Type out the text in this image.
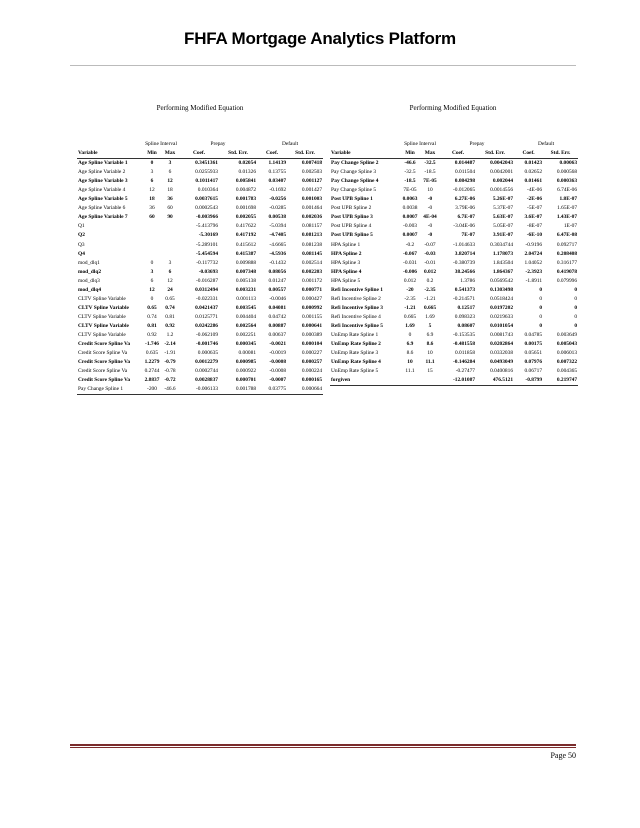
FHFA Mortgage Analytics Platform
Performing Modified Equation	Performing Modified Equation
	Spline Interval		Prepay		Default	
Variable	Min	Max	Coef.	Std. Err.	Coef.	Std. Err.
Age Spline Variable 1	0	3	0.3451361	0.02054	1.14139	0.007418
Age Spline Variable 2	3	6	0.0255933	0.01326	0.13755	0.002503
Age Spline Variable 3	6	12	0.1011417	0.005841	0.03407	0.001127
Age Spline Variable 4	12	18	0.010364	0.004872	-0.1692	0.001427
Age Spline Variable 5	18	36	0.0037615	0.001783	-0.0256	0.001003
Age Spline Variable 6	36	60	0.0002543	0.001698	-0.0285	0.001464
Age Spline Variable 7	60	90	-0.003966	0.002055	0.00538	0.002036
Q1			-5.413796	0.417622	-5.0394	0.081157
Q2			-5.30169	0.417192	-4.7405	0.081213
Q3			-5.289101	0.415612	-4.6665	0.081238
Q4			-5.454594	0.415387	-4.5936	0.081145
mod_dlq1	0	3	-0.117732	0.009888	-0.1432	0.002514
mod_dlq2	3	6	-0.03693	0.007348	0.08056	0.002203
mod_dlq3	6	12	-0.016287	0.005138	0.01247	0.001172
mod_dlq4	12	24	0.0312494	0.003231	0.00557	0.000771
CLTV Spline Variable	0	0.65	-0.022331	0.001113	-0.0046	0.000427
CLTV Spline Variable	0.65	0.74	0.0421437	0.003545	0.04081	0.000992
CLTV Spline Variable	0.74	0.81	0.0125771	0.004404	0.04742	0.001155
CLTV Spline Variable	0.81	0.92	0.0242286	0.002564	0.00887	0.000641
CLTV Spline Variable	0.92	1.2	-0.062109	0.002251	0.00637	0.000389
Credit Score Spline Va	-1.746	-2.14	-0.001746	0.000345	-0.0021	0.000104
Credit Score Spline Va	0.635	-1.91	0.000635	0.00081	-0.0019	0.000227
Credit Score Spline Va	1.2279	-0.79	0.0012279	0.000985	-0.0008	0.000257
Credit Score Spline Va	0.2744	-0.78	0.0002744	0.000922	-0.0008	0.000224
Credit Score Spline Va	2.8837	-0.72	0.0028837	0.000701	-0.0007	0.000165
Pay Change Spline 1	-200	-46.6	-0.006133	0.001788	0.03775	0.000664
	Spline Interval		Prepay		Default	
Variable	Min	Max	Coef.	Std. Err.	Coef.	Std. Err.
Pay Change Spline 2	-46.6	-32.5	0.014487	0.0042043	0.01423	0.00063
Pay Change Spline 3	-32.5	-18.5	0.011504	0.0042001	0.02652	0.000568
Pay Change Spline 4	-18.5	7E-05	0.084298	0.002044	0.01461	0.000363
Pay Change Spline 5	7E-05	10	-0.012065	0.0014556	-4E-06	6.74E-06
Post UPB Spline 1	0.0063	-0	6.27E-06	5.26E-07	-2E-06	1.8E-07
Post UPB Spline 2	0.0038	-0	3.79E-06	5.37E-07	-5E-07	1.65E-07
Post UPB Spline 3	0.0007	4E-04	6.7E-07	5.63E-07	3.6E-07	1.43E-07
Post UPB Spline 4	-0.003	-0	-3.04E-06	5.05E-07	-8E-07	1E-07
Post UPB Spline 5	0.0007	-0	7E-07	3.91E-07	-6E-10	6.47E-08
HPA Spline 1	-0.2	-0.07	-1.014633	0.3034744	-0.9196	0.092717
HPA Spline 2	-0.067	-0.03	3.820714	1.178073	2.04724	0.208408
HPA Spline 3	-0.031	-0.01	-0.380739	1.843504	1.04052	0.316177
HPA Spline 4	-0.006	0.012	38.24566	1.864367	-2.3923	0.419078
HPA Spline 5	0.012	0.2	1.3786	0.0569542	-1.8911	0.079996
Refi Incentive Spline 1	-20	-2.35	0.541373	0.1303498	0	0
Refi Incentive Spline 2	-2.35	-1.21	-0.214571	0.0518424	0	0
Refi Incentive Spline 3	-1.21	0.665	0.12517	0.0197202	0	0
Refi Incentive Spline 4	0.665	1.69	0.098323	0.0219633	0	0
Refi Incentive Spline 5	1.69	5	0.08607	0.0101054	0	0
UnEmp Rate Spline 1	0	6.9	-0.153535	0.0081743	0.04785	0.003649
UnEmp Rate Spline 2	6.9	8.6	-0.481558	0.0202864	0.00175	0.005043
UnEmp Rate Spline 3	8.6	10	0.011858	0.0332038	0.05651	0.006013
UnEmp Rate Spline 4	10	11.1	-0.146284	0.0493049	0.07976	0.007322
UnEmp Rate Spline 5	11.1	15	-0.27477	0.0400816	0.06717	0.004365
forgiven			-12.01087	476.5121	-0.8799	0.219747
Page 50
